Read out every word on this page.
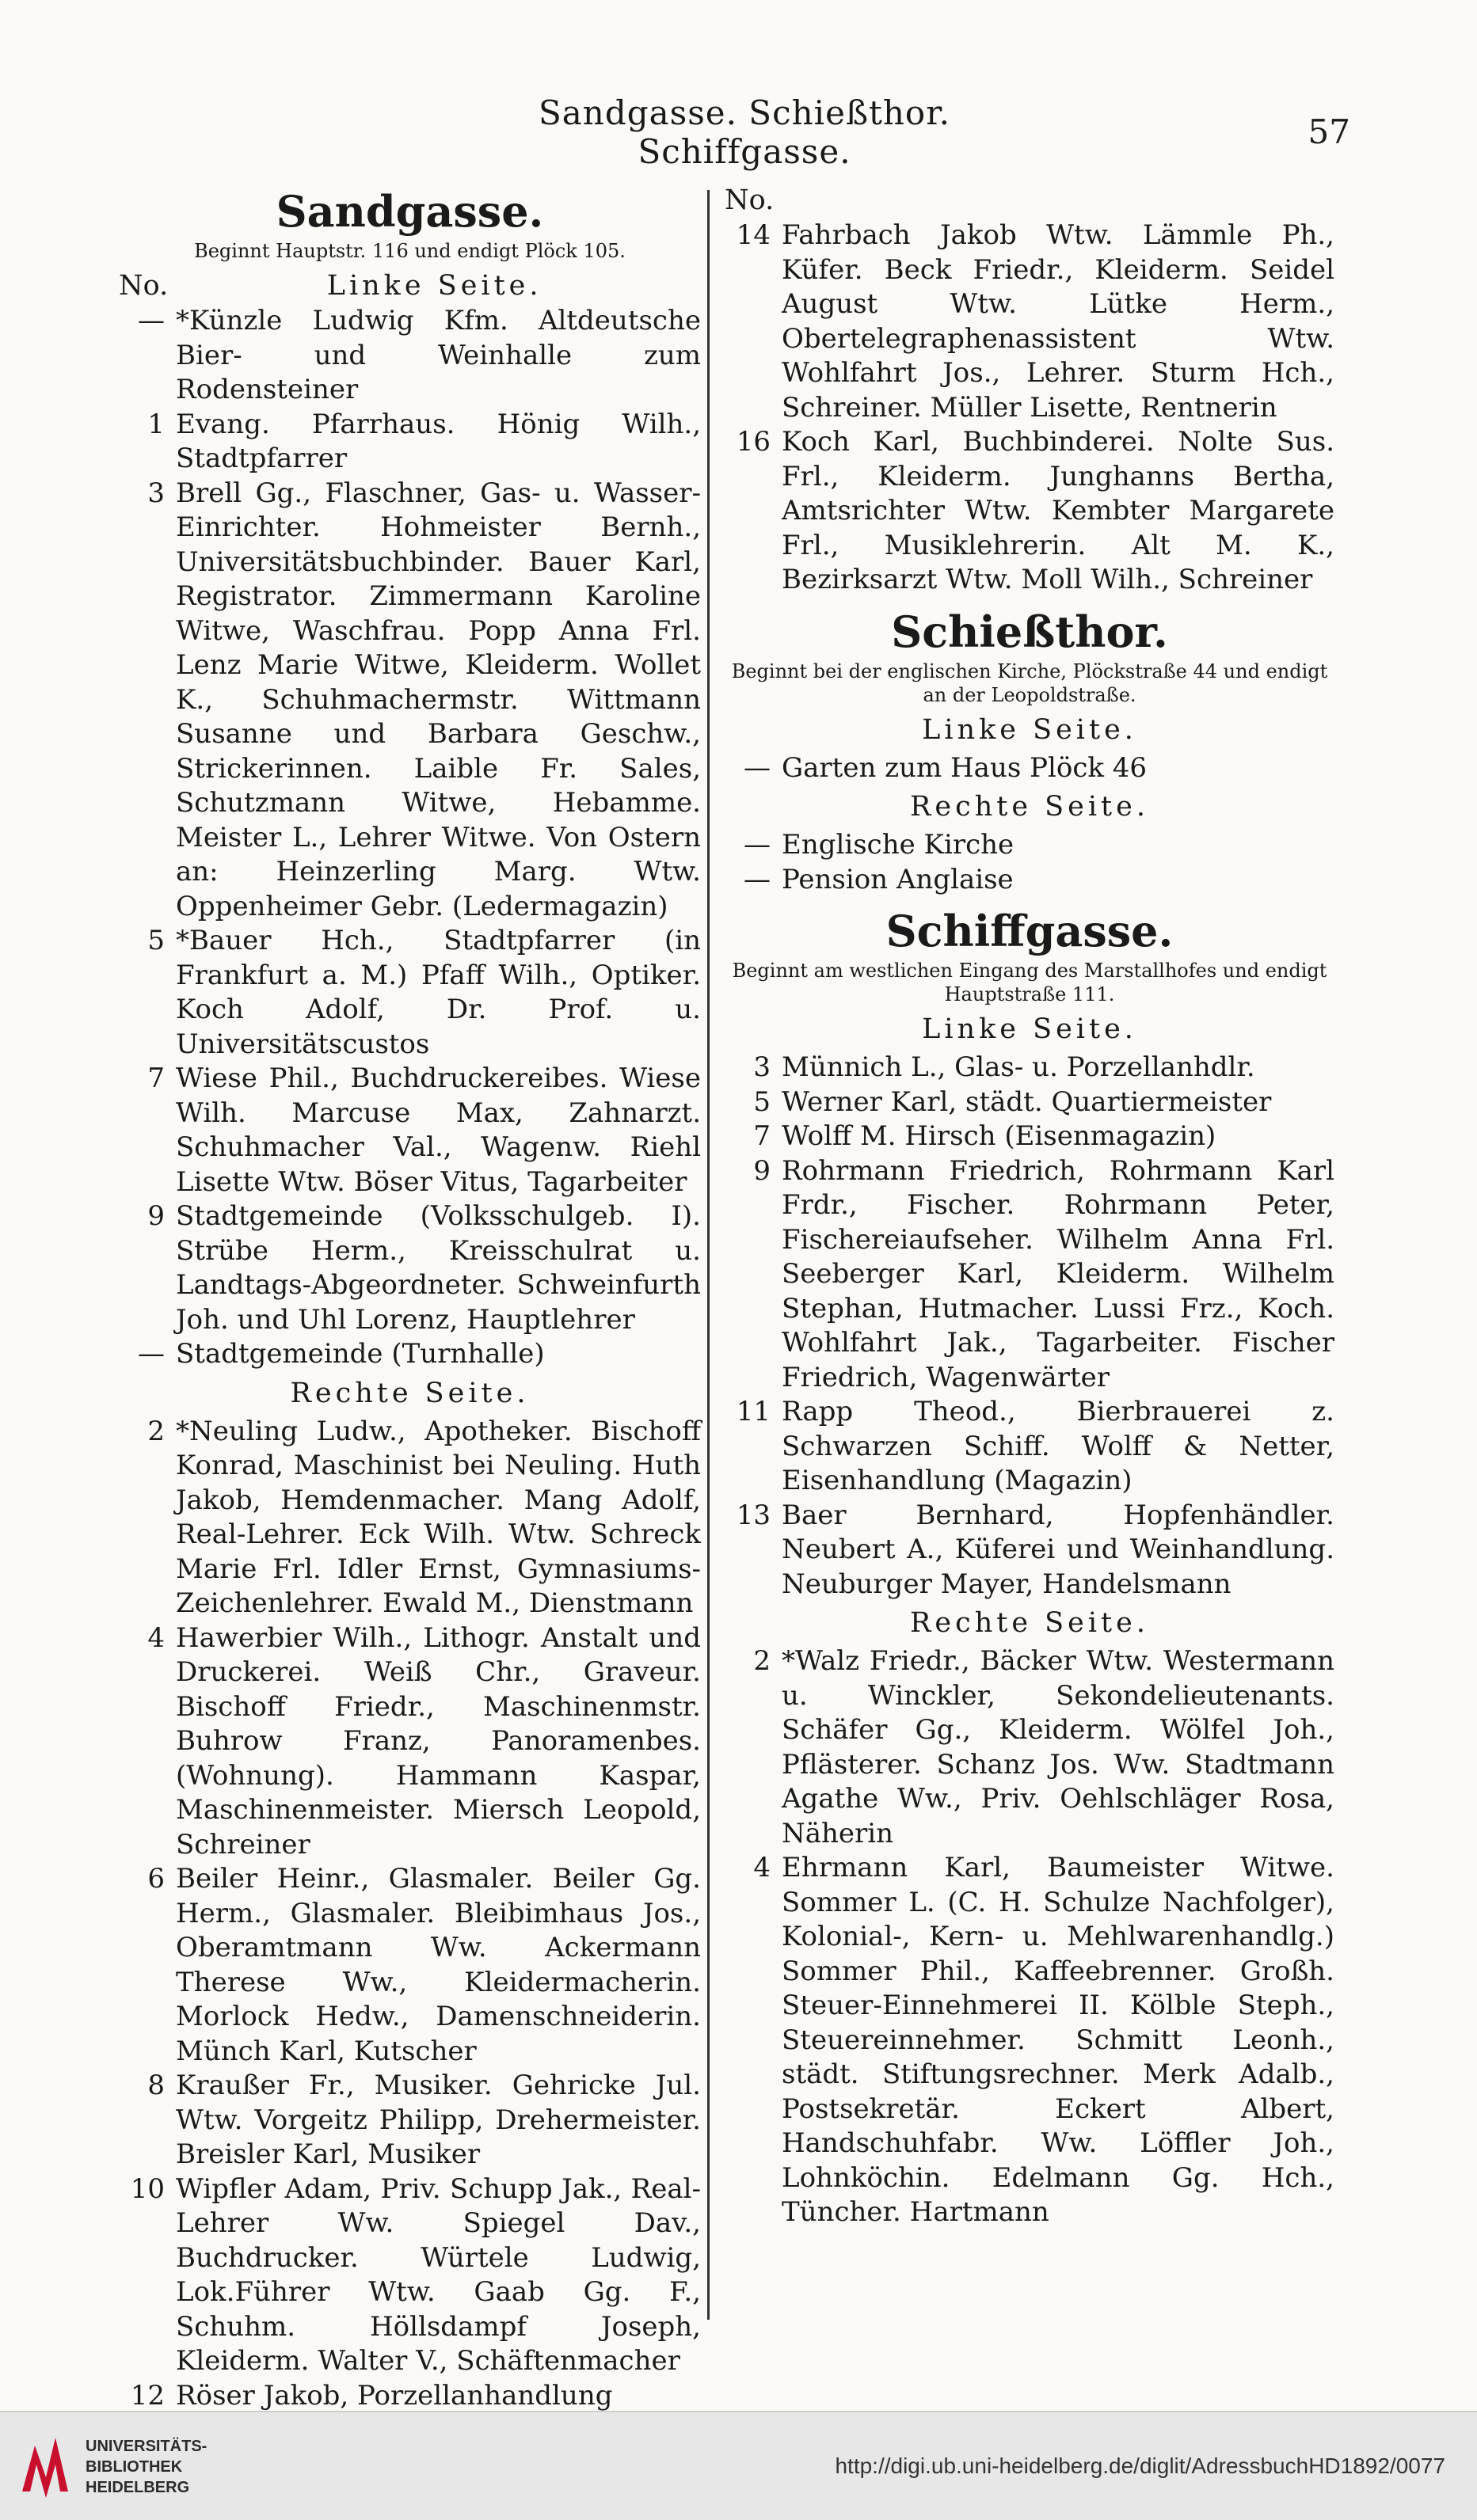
Sandgasse. Schießthor. Schiffgasse.
57
Sandgasse.
Beginnt Hauptstr. 116 und endigt Plöck 105.
No.	Linke Seite.
— *Künzle Ludwig Kfm. Altdeutsche Bier- und Weinhalle zum Rodensteiner
1 Evang. Pfarrhaus. Hönig Wilh., Stadtpfarrer
3 Brell Gg., Flaschner, Gas- u. Wasser-Einrichter. Hohmeister Bernh., Universitätsbuchbinder. Bauer Karl, Registrator. Zimmermann Karoline Witwe, Waschfrau. Popp Anna Frl. Lenz Marie Witwe, Kleiderm. Wollet K., Schuhmachermstr. Wittmann Susanne und Barbara Geschw., Strickerinnen. Laible Fr. Sales, Schutzmann Witwe, Hebamme. Meister L., Lehrer Witwe. Von Ostern an: Heinzerling Marg. Wtw. Oppenheimer Gebr. (Ledermagazin)
5 *Bauer Hch., Stadtpfarrer (in Frankfurt a. M.) Pfaff Wilh., Optiker. Koch Adolf, Dr. Prof. u. Universitätscustos
7 Wiese Phil., Buchdruckereibes. Wiese Wilh. Marcuse Max, Zahnarzt. Schuhmacher Val., Wagenw. Riehl Lisette Wtw. Böser Vitus, Tagarbeiter
9 Stadtgemeinde (Volksschulgeb. I). Strübe Herm., Kreisschulrat u. Landtags-Abgeordneter. Schweinfurth Joh. und Uhl Lorenz, Hauptlehrer
— Stadtgemeinde (Turnhalle)
Rechte Seite.
2 *Neuling Ludw., Apotheker. Bischoff Konrad, Maschinist bei Neuling. Huth Jakob, Hemdenmacher. Mang Adolf, Real-Lehrer. Eck Wilh. Wtw. Schreck Marie Frl. Idler Ernst, Gymnasiums-Zeichenlehrer. Ewald M., Dienstmann
4 Hawerbier Wilh., Lithogr. Anstalt und Druckerei. Weiß Chr., Graveur. Bischoff Friedr., Maschinenmstr. Buhrow Franz, Panoramenbes. (Wohnung). Hammann Kaspar, Maschinenmeister. Miersch Leopold, Schreiner
6 Beiler Heinr., Glasmaler. Beiler Gg. Herm., Glasmaler. Bleibimhaus Jos., Oberamtmann Ww. Ackermann Therese Ww., Kleidermacherin. Morlock Hedw., Damenschneiderin. Münch Karl, Kutscher
8 Kraußer Fr., Musiker. Gehricke Jul. Wtw. Vorgeitz Philipp, Drehermeister. Breisler Karl, Musiker
10 Wipfler Adam, Priv. Schupp Jak., Real-Lehrer Ww. Spiegel Dav., Buchdrucker. Würtele Ludwig, Lok.Führer Wtw. Gaab Gg. F., Schuhm. Höllsdampf Joseph, Kleiderm. Walter V., Schäftenmacher
12 Röser Jakob, Porzellanhandlung
No.
14 Fahrbach Jakob Wtw. Lämmle Ph., Küfer. Beck Friedr., Kleiderm. Seidel August Wtw. Lütke Herm., Obertelegraphenassistent Wtw. Wohlfahrt Jos., Lehrer. Sturm Hch., Schreiner. Müller Lisette, Rentnerin
16 Koch Karl, Buchbinderei. Nolte Sus. Frl., Kleiderm. Junghanns Bertha, Amtsrichter Wtw. Kembter Margarete Frl., Musiklehrerin. Alt M. K., Bezirksarzt Wtw. Moll Wilh., Schreiner
Schießthor.
Beginnt bei der englischen Kirche, Plöckstraße 44 und endigt an der Leopoldstraße.
Linke Seite.
— Garten zum Haus Plöck 46
Rechte Seite.
— Englische Kirche
— Pension Anglaise
Schiffgasse.
Beginnt am westlichen Eingang des Marstallhofes und endigt Hauptstraße 111.
Linke Seite.
3 Münnich L., Glas- u. Porzellanhdlr.
5 Werner Karl, städt. Quartiermeister
7 Wolff M. Hirsch (Eisenmagazin)
9 Rohrmann Friedrich, Rohrmann Karl Frdr., Fischer. Rohrmann Peter, Fischereiaufseher. Wilhelm Anna Frl. Seeberger Karl, Kleiderm. Wilhelm Stephan, Hutmacher. Lussi Frz., Koch. Wohlfahrt Jak., Tagarbeiter. Fischer Friedrich, Wagenwärter
11 Rapp Theod., Bierbrauerei z. Schwarzen Schiff. Wolff & Netter, Eisenhandlung (Magazin)
13 Baer Bernhard, Hopfenhändler. Neubert A., Küferei und Weinhandlung. Neuburger Mayer, Handelsmann
Rechte Seite.
2 *Walz Friedr., Bäcker Wtw. Westermann u. Winckler, Sekondelieutenants. Schäfer Gg., Kleiderm. Wölfel Joh., Pflästerer. Schanz Jos. Ww. Stadtmann Agathe Ww., Priv. Oehlschläger Rosa, Näherin
4 Ehrmann Karl, Baumeister Witwe. Sommer L. (C. H. Schulze Nachfolger), Kolonial-, Kern- u. Mehlwarenhandlg.) Sommer Phil., Kaffeebrenner. Großh. Steuer-Einnehmerei II. Kölble Steph., Steuereinnehmer. Schmitt Leonh., städt. Stiftungsrechner. Merk Adalb., Postsekretär. Eckert Albert, Handschuhfabr. Ww. Löffler Joh., Lohnköchin. Edelmann Gg. Hch., Tüncher. Hartmann
UNIVERSITÄTS-
BIBLIOTHEK
HEIDELBERG
http://digi.ub.uni-heidelberg.de/diglit/AdressbuchHD1892/0077
